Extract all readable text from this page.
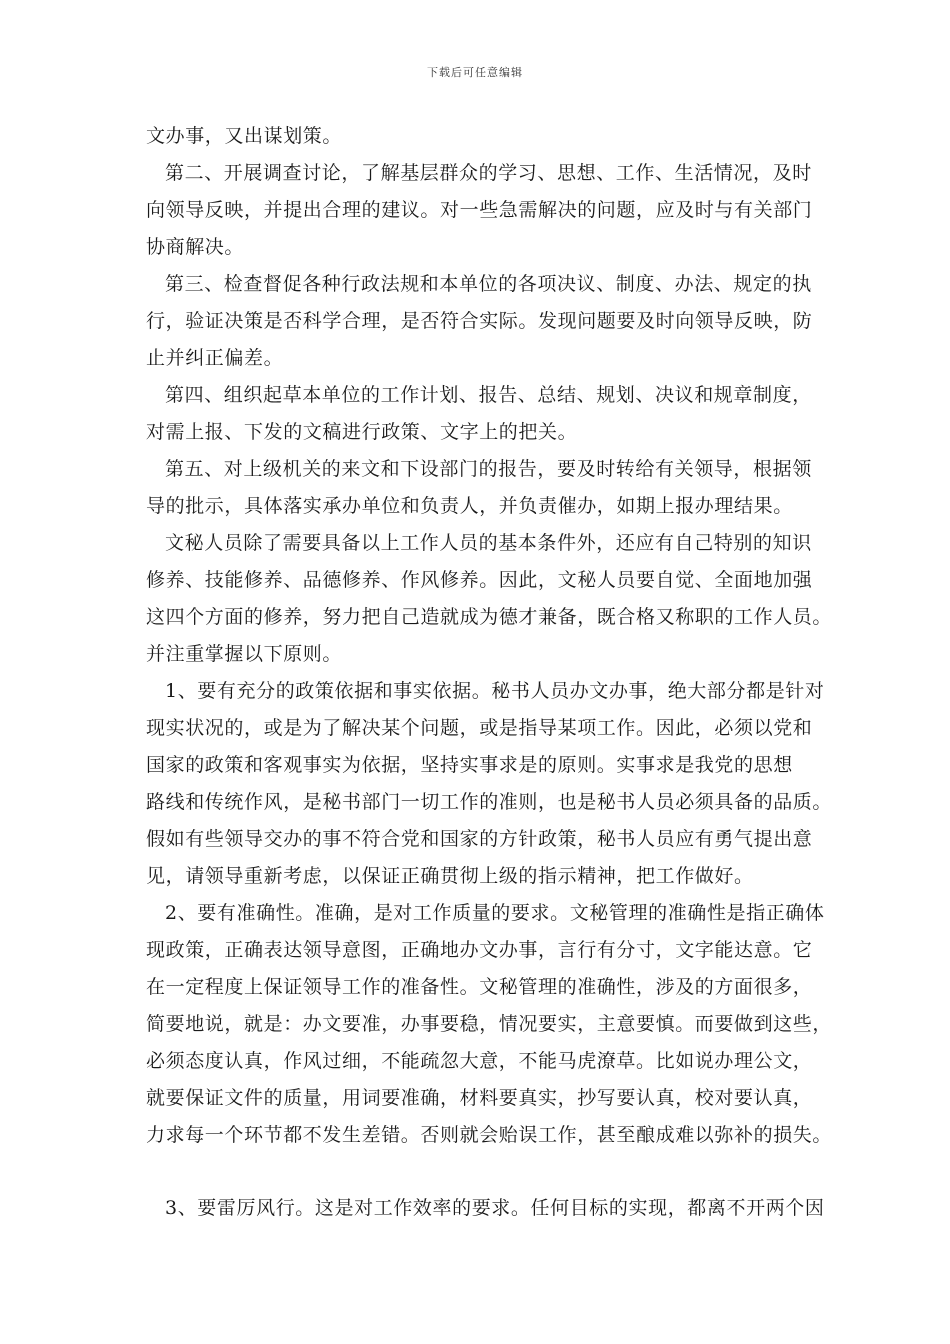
下载后可任意编辑
文办事，又出谋划策。
第二、开展调查讨论，了解基层群众的学习、思想、工作、生活情况，及时
向领导反映，并提出合理的建议。对一些急需解决的问题，应及时与有关部门
协商解决。
第三、检查督促各种行政法规和本单位的各项决议、制度、办法、规定的执
行，验证决策是否科学合理，是否符合实际。发现问题要及时向领导反映，防
止并纠正偏差。
第四、组织起草本单位的工作计划、报告、总结、规划、决议和规章制度，
对需上报、下发的文稿进行政策、文字上的把关。
第五、对上级机关的来文和下设部门的报告，要及时转给有关领导，根据领
导的批示，具体落实承办单位和负责人，并负责催办，如期上报办理结果。
文秘人员除了需要具备以上工作人员的基本条件外，还应有自己特别的知识
修养、技能修养、品德修养、作风修养。因此，文秘人员要自觉、全面地加强
这四个方面的修养，努力把自己造就成为德才兼备，既合格又称职的工作人员。
并注重掌握以下原则。
1、要有充分的政策依据和事实依据。秘书人员办文办事，绝大部分都是针对
现实状况的，或是为了解决某个问题，或是指导某项工作。因此，必须以党和
国家的政策和客观事实为依据，坚持实事求是的原则。实事求是我党的思想
路线和传统作风，是秘书部门一切工作的准则，也是秘书人员必须具备的品质。
假如有些领导交办的事不符合党和国家的方针政策，秘书人员应有勇气提出意
见，请领导重新考虑，以保证正确贯彻上级的指示精神，把工作做好。
2、要有准确性。准确，是对工作质量的要求。文秘管理的准确性是指正确体
现政策，正确表达领导意图，正确地办文办事，言行有分寸，文字能达意。它
在一定程度上保证领导工作的准备性。文秘管理的准确性，涉及的方面很多，
简要地说，就是：办文要准，办事要稳，情况要实，主意要慎。而要做到这些，
必须态度认真，作风过细，不能疏忽大意，不能马虎潦草。比如说办理公文，
就要保证文件的质量，用词要准确，材料要真实，抄写要认真，校对要认真，
力求每一个环节都不发生差错。否则就会贻误工作，甚至酿成难以弥补的损失。
3、要雷厉风行。这是对工作效率的要求。任何目标的实现，都离不开两个因
